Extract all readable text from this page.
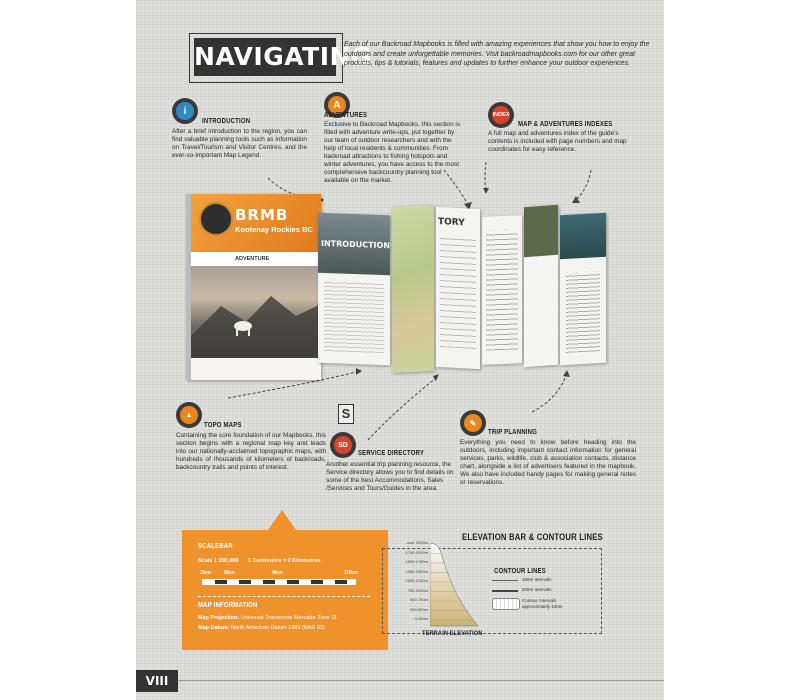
NAVIGATING
Each of our Backroad Mapbooks is filled with amazing experiences that show you how to enjoy the outdoors and create unforgettable memories. Visit backroadmapbooks.com for our other great products, tips & tutorials, features and updates to further enhance your outdoor experiences.
i
INTRODUCTION
After a brief introduction to the region, you can find valuable planning tools such as information on Travel/Tourism and Visitor Centres, and the ever-so-important Map Legend.
A
ADVENTURES
Exclusive to Backroad Mapbooks, this section is filled with adventure write-ups, put together by our team of outdoor researchers and with the help of local residents & communities. From backroad attractions to fishing hotspots and winter adventures, you have access to the most comprehensive backcountry planning tool available on the market.
INDEX
MAP & ADVENTURES INDEXES
A full map and adventures index of the guide's contents is included with page numbers and map coordinates for easy reference.
BRMB
Kootenay Rockies BC
ADVENTURE
INTRODUCTION
TORY
▲
TOPO MAPS
Containing the core foundation of our Mapbooks, this section begins with a regional map key and leads into our nationally-acclaimed topographic maps, with hundreds of thousands of kilometers of backroads, backcountry trails and points of interest.
S
SD
SERVICE DIRECTORY
Another essential trip planning resource, the Service directory allows you to find details on some of the best Accommodations, Sales /Services and Tours/Guides in the area.
✎
TRIP PLANNING
Everything you need to know before heading into the outdoors, including important contact information for general services, parks, wildlife, club & association contacts, distance chart, alongside a list of advertisers featured in the mapbook. We also have included handy pages for making general notes or reservations.
SCALEBAR
Scale 1:200,000 1 Centimetre = 2 Kilometres
2km 0km	4km	10km
MAP INFORMATION
Map Projection: Universal Transverse Mercator Zone 11
Map Datum: North American Datum 1983 (NAD 83)
ELEVATION BAR & CONTOUR LINES
over 2000m
1750-2000m
1500-1750m
1250-1500m
1000-1250m
750-1000m
500-750m
250-500m
0-250m
TERRAIN ELEVATION
CONTOUR LINES
100m Intervals
500m Intervals
Contour Intervals approximately 100m
VIII
